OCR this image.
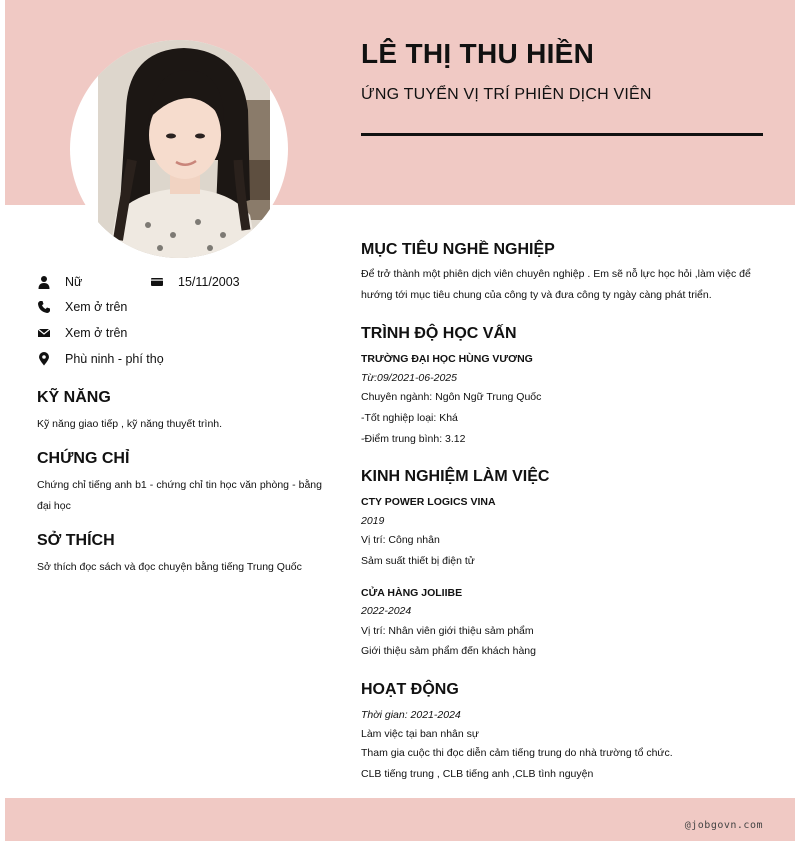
LÊ THỊ THU HIỀN

ỨNG TUYỂN VỊ TRÍ PHIÊN DỊCH VIÊN

Nữ	15/11/2003
Xem ở trên
Xem ở trên
Phù ninh - phí thọ
KỸ NĂNG

Kỹ năng giao tiếp , kỹ năng thuyết trình.

CHỨNG CHỈ

Chứng chỉ tiếng anh b1 - chứng chỉ tin học văn phòng - bằng đại học

SỞ THÍCH

Sở thích đọc sách và đọc chuyện bằng tiếng Trung Quốc

MỤC TIÊU NGHỀ NGHIỆP

Để trở thành một phiên dịch viên chuyên nghiệp . Em sẽ nỗ lực học hỏi ,làm việc để hướng tới mục tiêu chung của công ty và đưa công ty ngày càng phát triển.

TRÌNH ĐỘ HỌC VẤN

TRƯỜNG ĐẠI HỌC HÙNG VƯƠNG

Từ:09/2021-06-2025

Chuyên ngành: Ngôn Ngữ Trung Quốc

-Tốt nghiệp loại: Khá

-Điểm trung bình: 3.12

KINH NGHIỆM LÀM VIỆC

CTY POWER LOGICS VINA

2019

Vị trí: Công nhân

Sảm suất thiết bị điện tử

CỬA HÀNG JOLIIBE

2022-2024

Vị trí: Nhân viên giới thiệu sảm phẩm

Giới thiệu sảm phẩm đến khách hàng

HOẠT ĐỘNG

Thời gian: 2021-2024

Làm việc tại ban nhân sự

Tham gia cuộc thi đọc diễn cảm tiếng trung do nhà trường tổ chức.

CLB tiếng trung , CLB tiếng anh ,CLB tình nguyện

@jobgovn.com
